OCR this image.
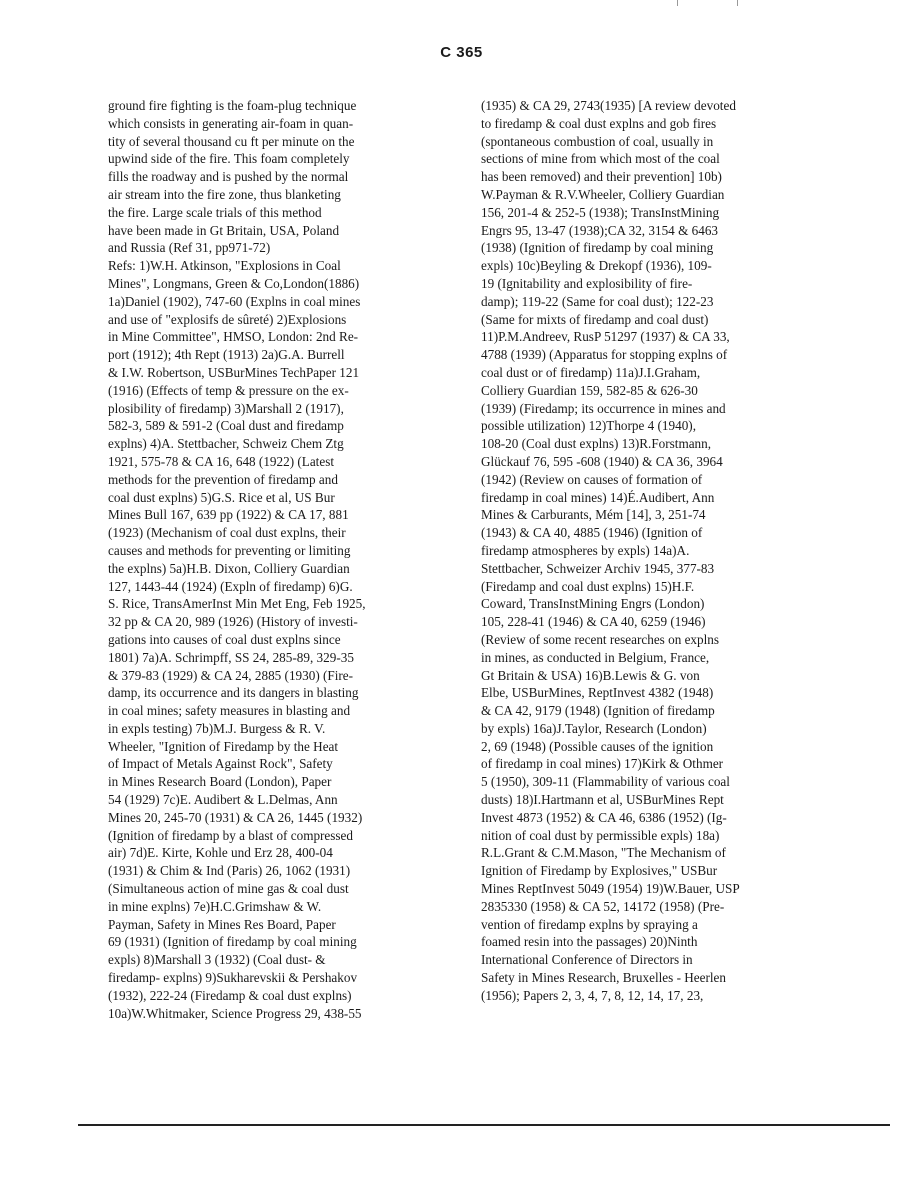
C 365
ground fire fighting is the foam-plug technique
which consists in generating air-foam in quan-
tity of several thousand cu ft per minute on the
upwind side of the fire. This foam completely
fills the roadway and is pushed by the normal
air stream into the fire zone, thus blanketing
the fire. Large scale trials of this method
have been made in Gt Britain, USA, Poland
and Russia (Ref 31, pp971-72)
Refs: 1)W.H. Atkinson, "Explosions in Coal
Mines", Longmans, Green & Co,London(1886)
1a)Daniel (1902), 747-60 (Explns in coal mines
and use of "explosifs de sûreté) 2)Explosions
in Mine Committee", HMSO, London: 2nd Re-
port (1912); 4th Rept (1913) 2a)G.A. Burrell
& I.W. Robertson, USBurMines TechPaper 121
(1916) (Effects of temp & pressure on the ex-
plosibility of firedamp) 3)Marshall 2 (1917),
582-3, 589 & 591-2 (Coal dust and firedamp
explns) 4)A. Stettbacher, Schweiz Chem Ztg
1921, 575-78 & CA 16, 648 (1922) (Latest
methods for the prevention of firedamp and
coal dust explns) 5)G.S. Rice et al, US Bur
Mines Bull 167, 639 pp (1922) & CA 17, 881
(1923) (Mechanism of coal dust explns, their
causes and methods for preventing or limiting
the explns) 5a)H.B. Dixon, Colliery Guardian
127, 1443-44 (1924) (Expln of firedamp) 6)G.
S. Rice, TransAmerInst Min Met Eng, Feb 1925,
32 pp & CA 20, 989 (1926) (History of investi-
gations into causes of coal dust explns since
1801) 7a)A. Schrimpff, SS 24, 285-89, 329-35
& 379-83 (1929) & CA 24, 2885 (1930) (Fire-
damp, its occurrence and its dangers in blasting
in coal mines; safety measures in blasting and
in expls testing) 7b)M.J. Burgess & R. V.
Wheeler, "Ignition of Firedamp by the Heat
of Impact of Metals Against Rock", Safety
in Mines Research Board (London), Paper
54 (1929) 7c)E. Audibert & L.Delmas, Ann
Mines 20, 245-70 (1931) & CA 26, 1445 (1932)
(Ignition of firedamp by a blast of compressed
air) 7d)E. Kirte, Kohle und Erz 28, 400-04
(1931) & Chim & Ind (Paris) 26, 1062 (1931)
(Simultaneous action of mine gas & coal dust
in mine explns) 7e)H.C.Grimshaw & W.
Payman, Safety in Mines Res Board, Paper
69 (1931) (Ignition of firedamp by coal mining
expls) 8)Marshall 3 (1932) (Coal dust- &
firedamp- explns) 9)Sukharevskii & Pershakov
(1932), 222-24 (Firedamp & coal dust explns)
10a)W.Whitmaker, Science Progress 29, 438-55
(1935) & CA 29, 2743(1935) [A review devoted
to firedamp & coal dust explns and gob fires
(spontaneous combustion of coal, usually in
sections of mine from which most of the coal
has been removed) and their prevention] 10b)
W.Payman & R.V.Wheeler, Colliery Guardian
156, 201-4 & 252-5 (1938); TransInstMining
Engrs 95, 13-47 (1938);CA 32, 3154 & 6463
(1938) (Ignition of firedamp by coal mining
expls) 10c)Beyling & Drekopf (1936), 109-
19 (Ignitability and explosibility of fire-
damp); 119-22 (Same for coal dust); 122-23
(Same for mixts of firedamp and coal dust)
11)P.M.Andreev, RusP 51297 (1937) & CA 33,
4788 (1939) (Apparatus for stopping explns of
coal dust or of firedamp) 11a)J.I.Graham,
Colliery Guardian 159, 582-85 & 626-30
(1939) (Firedamp; its occurrence in mines and
possible utilization) 12)Thorpe 4 (1940),
108-20 (Coal dust explns) 13)R.Forstmann,
Glückauf 76, 595 -608 (1940) & CA 36, 3964
(1942) (Review on causes of formation of
firedamp in coal mines) 14)É.Audibert, Ann
Mines & Carburants, Mém [14], 3, 251-74
(1943) & CA 40, 4885 (1946) (Ignition of
firedamp atmospheres by expls) 14a)A.
Stettbacher, Schweizer Archiv 1945, 377-83
(Firedamp and coal dust explns) 15)H.F.
Coward, TransInstMining Engrs (London)
105, 228-41 (1946) & CA 40, 6259 (1946)
(Review of some recent researches on explns
in mines, as conducted in Belgium, France,
Gt Britain & USA) 16)B.Lewis & G. von
Elbe, USBurMines, ReptInvest 4382 (1948)
& CA 42, 9179 (1948) (Ignition of firedamp
by expls) 16a)J.Taylor, Research (London)
2, 69 (1948) (Possible causes of the ignition
of firedamp in coal mines) 17)Kirk & Othmer
5 (1950), 309-11 (Flammability of various coal
dusts) 18)I.Hartmann et al, USBurMines Rept
Invest 4873 (1952) & CA 46, 6386 (1952) (Ig-
nition of coal dust by permissible expls) 18a)
R.L.Grant & C.M.Mason, "The Mechanism of
Ignition of Firedamp by Explosives," USBur
Mines ReptInvest 5049 (1954) 19)W.Bauer, USP
2835330 (1958) & CA 52, 14172 (1958) (Pre-
vention of firedamp explns by spraying a
foamed resin into the passages) 20)Ninth
International Conference of Directors in
Safety in Mines Research, Bruxelles - Heerlen
(1956); Papers 2, 3, 4, 7, 8, 12, 14, 17, 23,
